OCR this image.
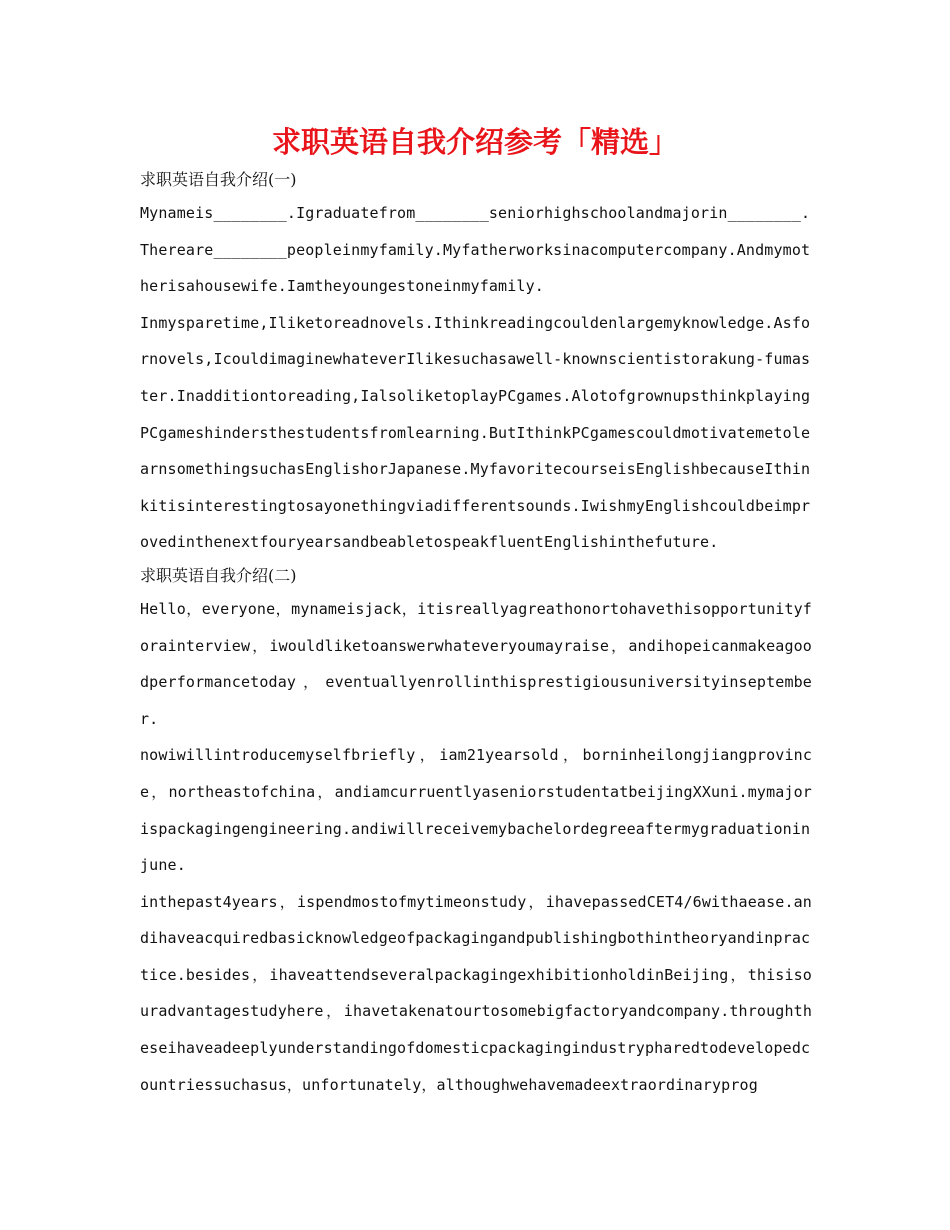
求职英语自我介绍参考「精选」
求职英语自我介绍(一)

Mynameis________.Igraduatefrom________seniorhighschoolandmajorin________.Thereare________peopleinmyfamily.Myfatherworksinacomputercompany.Andmymotherisahousewife.Iamtheyoungestoneinmyfamily.

Inmysparetime,Iliketoreadnovels.Ithinkreadingcouldenlargemyknowledge.Asfornovels,IcouldimaginewhateverIlikesuchasawell-knownscientistorakung-fumaster.Inadditiontoreading,IalsoliketoplayPCgames.AlotofgrownupsthinkplayingPCgameshindersthestudentsfromlearning.ButIthinkPCgamescouldmotivatemetolearnsomethingsuchasEnglishorJapanese.MyfavoritecourseisEnglishbecauseIthinkitisinterestingtosayonethingviadifferentsounds.IwishmyEnglishcouldbeimprovedinthenextfouryearsandbeabletospeakfluentEnglishinthefuture.

求职英语自我介绍(二)

Hello，everyone，mynameisjack，itisreallyagreathonortohavethisopportunityforainterview，iwouldliketoanswerwhateveryoumayraise，andihopeicanmakeagoodperformancetoday，eventuallyenrollinthisprestigiousuniversityinseptember.

nowiwillintroducemyselfbriefly，iam21yearsold，borninheilongjiangprovince，northeastofchina，andiamcurruentlyaseniorstudentatbeijingXXuni.mymajorispackagingengineering.andiwillreceivemybachelordegreeaftermygraduationinjune.

inthepast4years，ispendmostofmytimeonstudy，ihavepassedCET4/6withaease.andihaveacquiredbasicknowledgeofpackagingandpublishingbothintheoryandinpractice.besides，ihaveattendseveralpackagingexhibitionholdinBeijing，thisisouradvantagestudyhere，ihavetakenatourtosomebigfactoryandcompany.throughtheseihaveadeeplyunderstandingofdomesticpackagingindustrypharedtodevelopedcountriessuchasus，unfortunately，althoughwehavemadeextraordinaryprog
